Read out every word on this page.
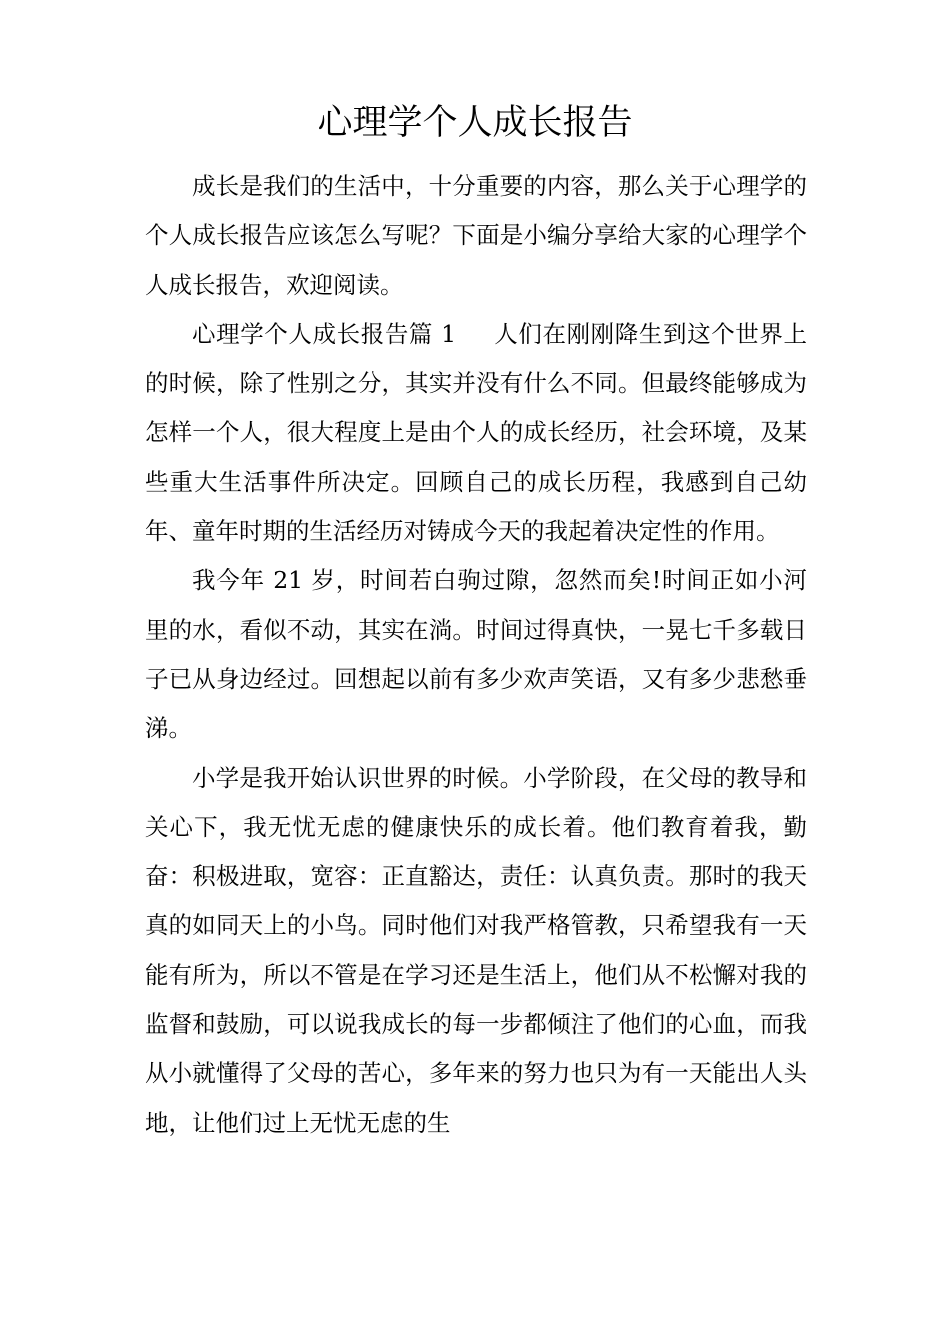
心理学个人成长报告

成长是我们的生活中，十分重要的内容，那么关于心理学的个人成长报告应该怎么写呢？下面是小编分享给大家的心理学个人成长报告，欢迎阅读。

心理学个人成长报告篇 1 人们在刚刚降生到这个世界上的时候，除了性别之分，其实并没有什么不同。但最终能够成为怎样一个人，很大程度上是由个人的成长经历，社会环境，及某些重大生活事件所决定。回顾自己的成长历程，我感到自己幼年、童年时期的生活经历对铸成今天的我起着决定性的作用。

我今年 21 岁，时间若白驹过隙，忽然而矣!时间正如小河里的水，看似不动，其实在淌。时间过得真快，一晃七千多载日子已从身边经过。回想起以前有多少欢声笑语，又有多少悲愁垂涕。

小学是我开始认识世界的时候。小学阶段，在父母的教导和关心下，我无忧无虑的健康快乐的成长着。他们教育着我，勤奋：积极进取，宽容：正直豁达，责任：认真负责。那时的我天真的如同天上的小鸟。同时他们对我严格管教，只希望我有一天能有所为，所以不管是在学习还是生活上，他们从不松懈对我的监督和鼓励，可以说我成长的每一步都倾注了他们的心血，而我从小就懂得了父母的苦心，多年来的努力也只为有一天能出人头地，让他们过上无忧无虑的生
